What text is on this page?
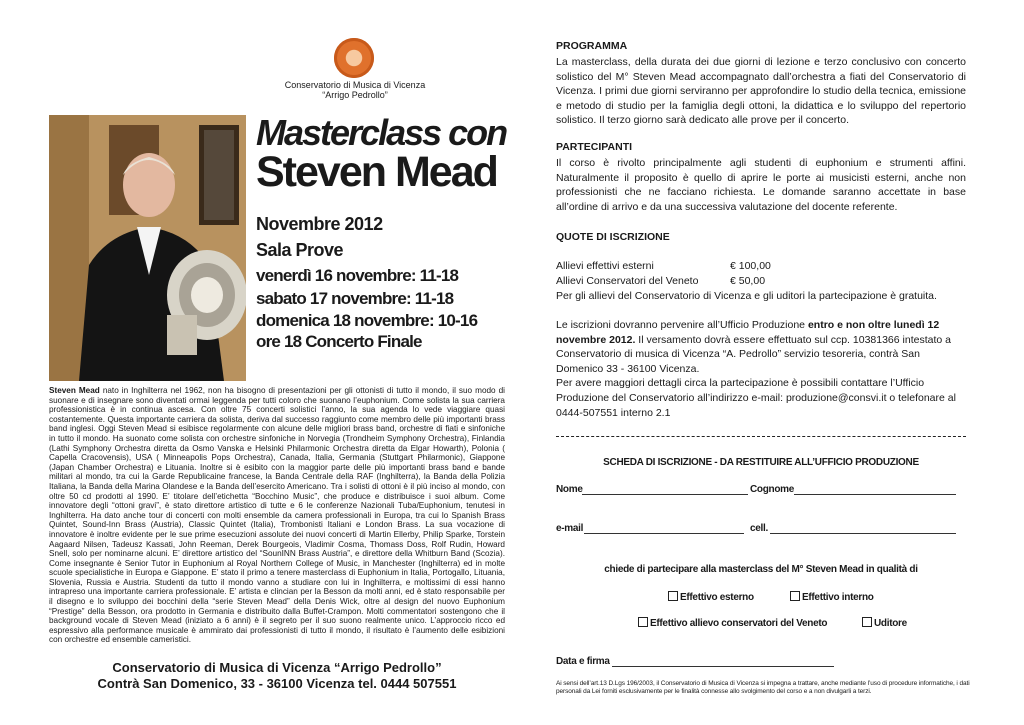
Conservatorio di Musica di Vicenza
“Arrigo Pedrollo”
Masterclass con
Steven Mead
Novembre 2012
Sala Prove
venerdì 16 novembre: 11-18
sabato 17 novembre: 11-18
domenica 18 novembre: 10-16
ore 18 Concerto Finale
Steven Mead nato in Inghilterra nel 1962, non ha bisogno di presentazioni per gli ottonisti di tutto il mondo, il suo modo di suonare e di insegnare sono diventati ormai leggenda per tutti coloro che suonano l’euphonium. Come solista la sua carriera professionistica è in continua ascesa. Con oltre 75 concerti solistici l’anno, la sua agenda lo vede viaggiare quasi costantemente. Questa importante carriera da solista, deriva dal successo raggiunto come membro delle più importanti brass band inglesi. Oggi Steven Mead si esibisce regolarmente con alcune delle migliori brass band, orchestre di fiati e sinfoniche in tutto il mondo. Ha suonato come solista con orchestre sinfoniche in Norvegia (Trondheim Symphony Orchestra), Finlandia (Lathi Symphony Orchestra diretta da Osmo Vanska e Helsinki Philarmonic Orchestra diretta da Elgar Howarth), Polonia ( Capella Cracovensis), USA ( Minneapolis Pops Orchestra), Canada, Italia, Germania (Stuttgart Philarmonic), Giappone (Japan Chamber Orchestra) e Lituania. Inoltre si è esibito con la maggior parte delle più importanti brass band e bande militari al mondo, tra cui la Garde Republicaine francese, la Banda Centrale della RAF (Inghilterra), la Banda della Polizia Italiana, la Banda della Marina Olandese e la Banda dell’esercito Americano. Tra i solisti di ottoni è il più inciso al mondo, con oltre 50 cd prodotti al 1990. E’ titolare dell’etichetta “Bocchino Music”, che produce e distribuisce i suoi album. Come innovatore degli “ottoni gravi”, è stato direttore artistico di tutte e 6 le conferenze Nazionali Tuba/Euphonium, tenutesi in Inghilterra. Ha dato anche tour di concerti con molti ensemble da camera professionali in Europa, tra cui lo Spanish Brass Quintet, Sound-Inn Brass (Austria), Classic Quintet (Italia), Trombonisti Italiani e London Brass. La sua vocazione di innovatore è inoltre evidente per le sue prime esecuzioni assolute dei nuovi concerti di Martin Ellerby, Philip Sparke, Torstein Aagaard Nilsen, Tadeusz Kassati, John Reeman, Derek Bourgeois, Vladimir Cosma, Thomass Doss, Rolf Rudin, Howard Snell, solo per nominarne alcuni. E’ direttore artistico del “SounINN Brass Austria”, e direttore della Whitburn Band (Scozia). Come insegnante è Senior Tutor in Euphonium al Royal Northern College of Music, in Manchester (Inghilterra) ed in molte scuole specialistiche in Europa e Giappone. E’ stato il primo a tenere masterclass di Euphonium in Italia, Portogallo, Lituania, Slovenia, Russia e Austria. Studenti da tutto il mondo vanno a studiare con lui in Inghilterra, e moltissimi di essi hanno intrapreso una importante carriera professionale. E’ artista e clincian per la Besson da molti anni, ed è stato responsabile per il disegno e lo sviluppo dei bocchini della “serie Steven Mead” della Denis Wick, oltre al design del nuovo Euphonium “Prestige” della Besson, ora prodotto in Germania e distribuito dalla Buffet-Crampon. Molti commentatori sostengono che il background vocale di Steven Mead (iniziato a 6 anni) è il segreto per il suo suono realmente unico. L’approccio ricco ed espressivo alla performance musicale è ammirato dai professionisti di tutto il mondo, il risultato è l’aumento delle esibizioni con orchestre ed ensemble cameristici.
Conservatorio di Musica di Vicenza “Arrigo Pedrollo”
Contrà San Domenico, 33 - 36100 Vicenza tel. 0444 507551
PROGRAMMA
La masterclass, della durata dei due giorni di lezione e terzo conclusivo con concerto solistico del M° Steven Mead accompagnato dall’orchestra a fiati del Conservatorio di Vicenza. I primi due giorni serviranno per approfondire lo studio della tecnica, emissione e metodo di studio per la famiglia degli ottoni, la didattica e lo sviluppo del repertorio solistico. Il terzo giorno sarà dedicato alle prove per il concerto.
PARTECIPANTI
Il corso è rivolto principalmente agli studenti di euphonium e strumenti affini. Naturalmente il proposito è quello di aprire le porte ai musicisti esterni, anche non professionisti che ne facciano richiesta. Le domande saranno accettate in base all’ordine di arrivo e da una successiva valutazione del docente referente.
QUOTE DI ISCRIZIONE
Allievi effettivi esterni	€ 100,00
Allievi Conservatori del Veneto	€ 50,00
Per gli allievi del Conservatorio di Vicenza e gli uditori la partecipazione è gratuita.
Le iscrizioni dovranno pervenire all’Ufficio Produzione entro e non oltre lunedì 12 novembre 2012. Il versamento dovrà essere effettuato sul ccp. 10381366 intestato a Conservatorio di musica di Vicenza “A. Pedrollo” servizio tesoreria, contrà San Domenico 33 - 36100 Vicenza.
Per avere maggiori dettagli circa la partecipazione è possibili contattare l’Ufficio Produzione del Conservatorio all’indirizzo e-mail: produzione@consvi.it o telefonare al 0444-507551 interno 2.1
SCHEDA DI ISCRIZIONE - DA RESTITUIRE ALL’UFFICIO PRODUZIONE
Nome	Cognome
e-mail	cell.
chiede di partecipare alla masterclass del M° Steven Mead in qualità di
Effettivo esterno	Effettivo interno
Effettivo allievo conservatori del Veneto	Uditore
Data e firma
Ai sensi dell’art.13 D.Lgs 196/2003, il Conservatorio di Musica di Vicenza si impegna a trattare, anche mediante l’uso di procedure informatiche, i dati personali da Lei forniti esclusivamente per le finalità connesse allo svolgimento del corso e a non divulgarli a terzi.
